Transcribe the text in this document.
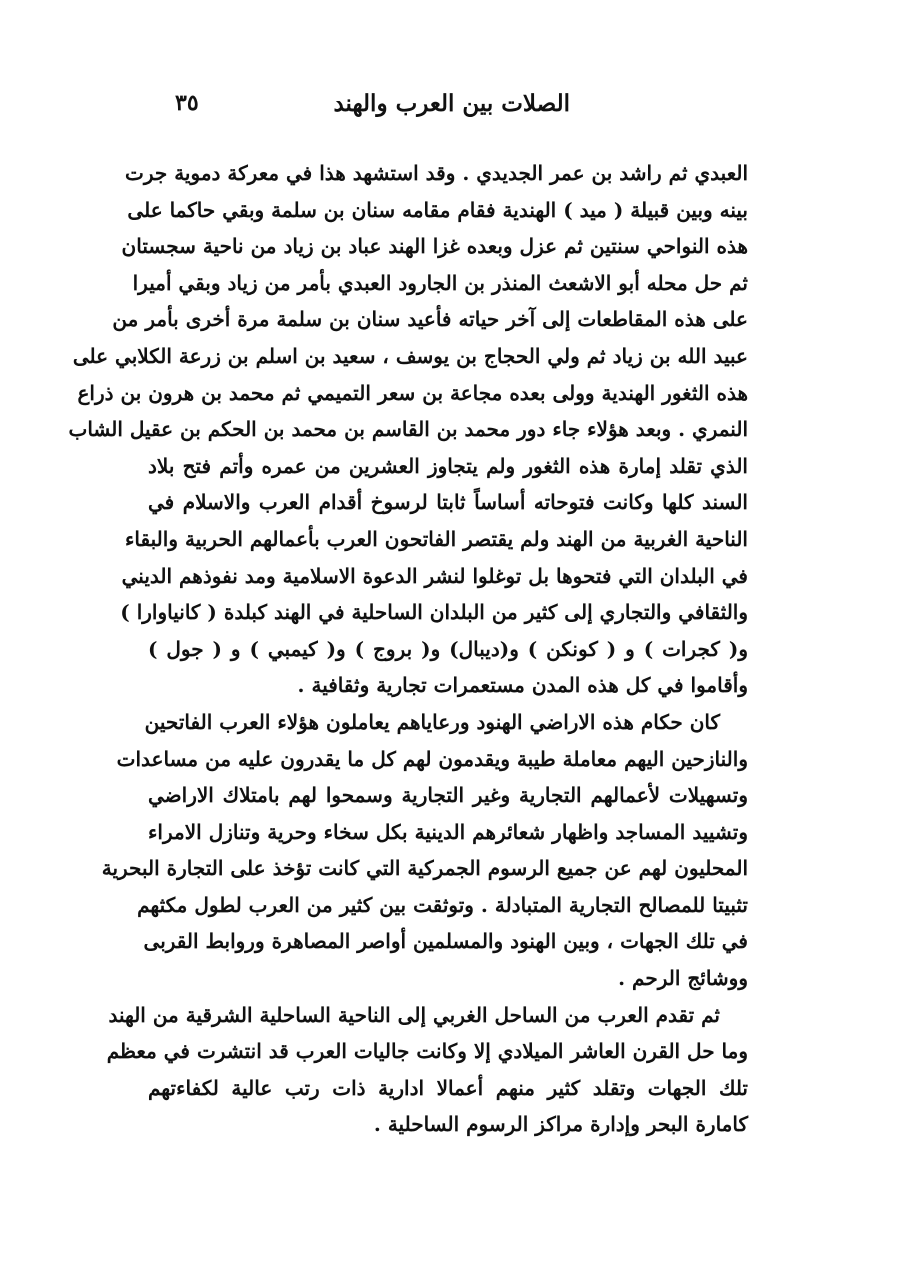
الصلات بين العرب والهند
٣٥
العبدي ثم راشد بن عمر الجديدي . وقد استشهد هذا في معركة دموية جرت
بينه وبين قبيلة ( ميد ) الهندية فقام مقامه سنان بن سلمة وبقي حاكما على
هذه النواحي سنتين ثم عزل وبعده غزا الهند عباد بن زياد من ناحية سجستان
ثم حل محله أبو الاشعث المنذر بن الجارود العبدي بأمر من زياد وبقي أميرا
على هذه المقاطعات إلى آخر حياته فأعيد سنان بن سلمة مرة أخرى بأمر من
عبيد الله بن زياد ثم ولي الحجاج بن يوسف ، سعيد بن اسلم بن زرعة الكلابي على
هذه الثغور الهندية وولى بعده مجاعة بن سعر التميمي ثم محمد بن هرون بن ذراع
النمري . وبعد هؤلاء جاء دور محمد بن القاسم بن محمد بن الحكم بن عقيل الشاب
الذي تقلد إمارة هذه الثغور ولم يتجاوز العشرين من عمره وأتم فتح بلاد
السند كلها وكانت فتوحاته أساساً ثابتا لرسوخ أقدام العرب والاسلام في
الناحية الغربية من الهند ولم يقتصر الفاتحون العرب بأعمالهم الحربية والبقاء
في البلدان التي فتحوها بل توغلوا لنشر الدعوة الاسلامية ومد نفوذهم الديني
والثقافي والتجاري إلى كثير من البلدان الساحلية في الهند كبلدة ( كانياوارا )
و( كجرات ) و ( كونكن ) و(ديبال) و( بروج ) و( كيمبي ) و ( جول )
وأقاموا في كل هذه المدن مستعمرات تجارية وثقافية .
كان حكام هذه الاراضي الهنود ورعاياهم يعاملون هؤلاء العرب الفاتحين
والنازحين اليهم معاملة طيبة ويقدمون لهم كل ما يقدرون عليه من مساعدات
وتسهيلات لأعمالهم التجارية وغير التجارية وسمحوا لهم بامتلاك الاراضي
وتشييد المساجد واظهار شعائرهم الدينية بكل سخاء وحرية وتنازل الامراء
المحليون لهم عن جميع الرسوم الجمركية التي كانت تؤخذ على التجارة البحرية
تثبيتا للمصالح التجارية المتبادلة . وتوثقت بين كثير من العرب لطول مكثهم
في تلك الجهات ، وبين الهنود والمسلمين أواصر المصاهرة وروابط القربى
ووشائج الرحم .
ثم تقدم العرب من الساحل الغربي إلى الناحية الساحلية الشرقية من الهند
وما حل القرن العاشر الميلادي إلا وكانت جاليات العرب قد انتشرت في معظم
تلك الجهات وتقلد كثير منهم أعمالا ادارية ذات رتب عالية لكفاءتهم
كامارة البحر وإدارة مراكز الرسوم الساحلية .
